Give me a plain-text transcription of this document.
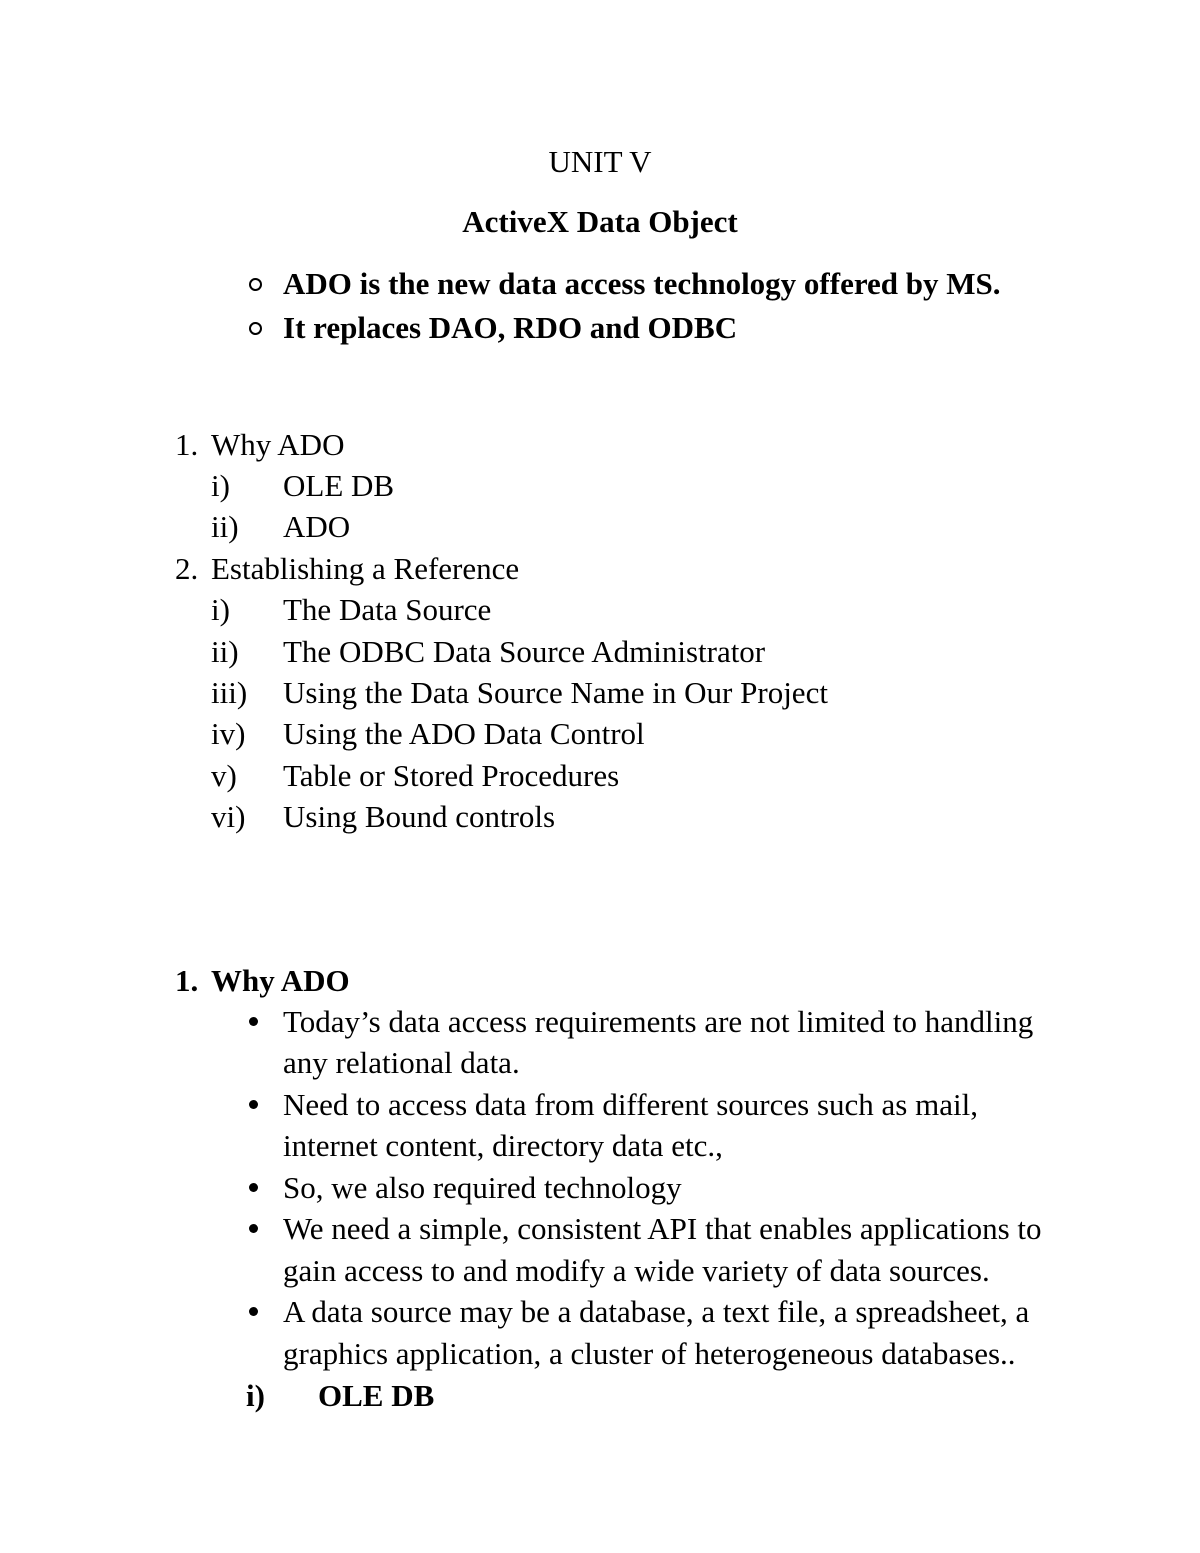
UNIT V
ActiveX Data Object
ADO is the new data access technology offered by MS.
It replaces DAO, RDO and ODBC
1. Why ADO
i) OLE DB
ii) ADO
2. Establishing a Reference
i) The Data Source
ii) The ODBC Data Source Administrator
iii) Using the Data Source Name in Our Project
iv) Using the ADO Data Control
v) Table or Stored Procedures
vi) Using Bound controls
1. Why ADO
Today’s data access requirements are not limited to handling
any relational data.
Need to access data from different sources such as mail,
internet content, directory data etc.,
So, we also required technology
We need a simple, consistent API that enables applications to
gain access to and modify a wide variety of data sources.
A data source may be a database, a text file, a spreadsheet, a
graphics application, a cluster of heterogeneous databases..
i) OLE DB
